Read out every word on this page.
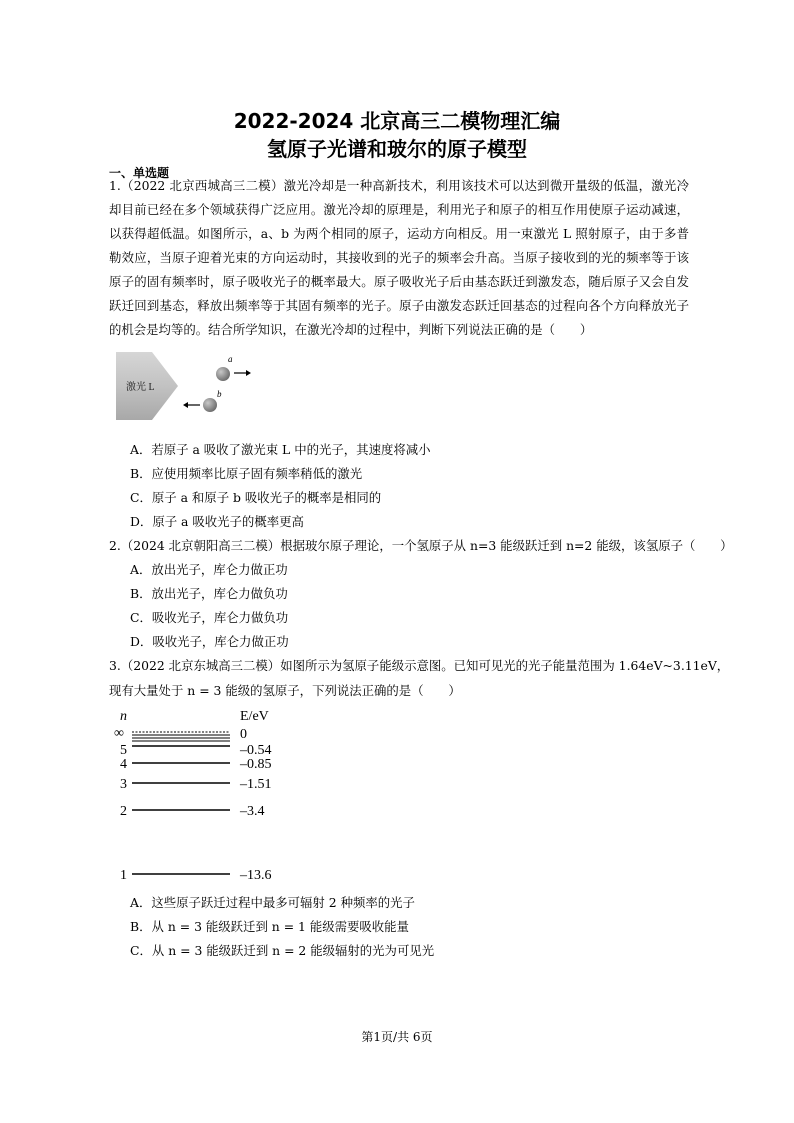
2022-2024 北京高三二模物理汇编
氢原子光谱和玻尔的原子模型
一、单选题

1.（2022 北京西城高三二模）激光冷却是一种高新技术，利用该技术可以达到微开量级的低温，激光冷却目前已经在多个领域获得广泛应用。激光冷却的原理是，利用光子和原子的相互作用使原子运动减速，以获得超低温。如图所示，a、b 为两个相同的原子，运动方向相反。用一束激光 L 照射原子，由于多普勒效应，当原子迎着光束的方向运动时，其接收到的光子的频率会升高。当原子接收到的光的频率等于该原子的固有频率时，原子吸收光子的概率最大。原子吸收光子后由基态跃迁到激发态，随后原子又会自发跃迁回到基态，释放出频率等于其固有频率的光子。原子由激发态跃迁回基态的过程向各个方向释放光子的机会是均等的。结合所学知识，在激光冷却的过程中，判断下列说法正确的是（　　）

激光 L
a
b
A．若原子 a 吸收了激光束 L 中的光子，其速度将减小
B．应使用频率比原子固有频率稍低的激光
C．原子 a 和原子 b 吸收光子的概率是相同的
D．原子 a 吸收光子的概率更高
2.（2024 北京朝阳高三二模）根据玻尔原子理论，一个氢原子从 n=3 能级跃迁到 n=2 能级，该氢原子（　　）
A．放出光子，库仑力做正功
B．放出光子，库仑力做负功
C．吸收光子，库仑力做负功
D．吸收光子，库仑力做正功
3.（2022 北京东城高三二模）如图所示为氢原子能级示意图。已知可见光的光子能量范围为 1.64eV~3.11eV，
现有大量处于 n = 3 能级的氢原子，下列说法正确的是（　　）
n	E/eV
∞	0
5	–0.54
4	–0.85
3	–1.51
2	–3.4
1	–13.6
A．这些原子跃迁过程中最多可辐射 2 种频率的光子
B．从 n = 3 能级跃迁到 n = 1 能级需要吸收能量
C．从 n = 3 能级跃迁到 n = 2 能级辐射的光为可见光
第1页/共 6页
